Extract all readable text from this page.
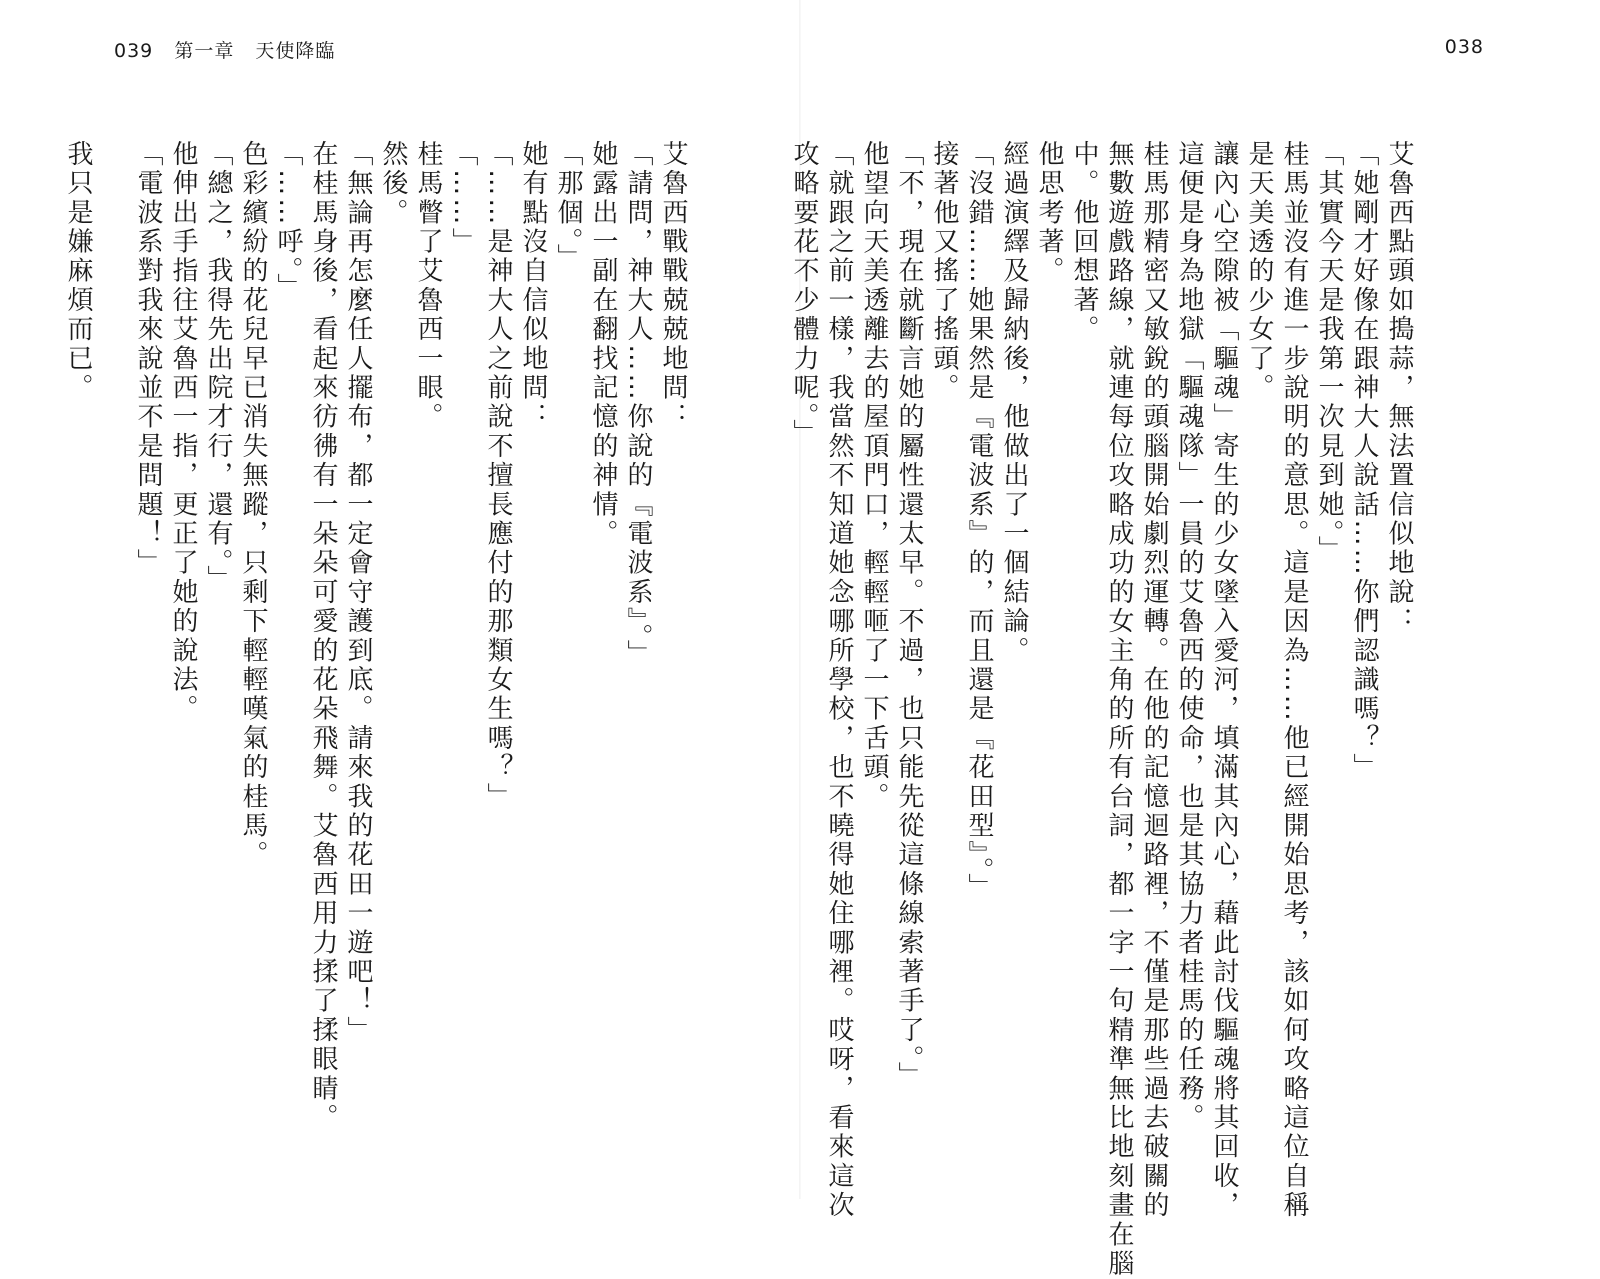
039 第一章 天使降臨	038
艾魯西點頭如搗蒜，無法置信似地說：
「她剛才好像在跟神大人說話……你們認識嗎？」
「其實今天是我第一次見到她。」
桂馬並沒有進一步說明的意思。這是因為……他已經開始思考，該如何攻略這位自稱
是天美透的少女了。
讓內心空隙被「驅魂」寄生的少女墜入愛河，填滿其內心，藉此討伐驅魂將其回收，
這便是身為地獄「驅魂隊」一員的艾魯西的使命，也是其協力者桂馬的任務。
桂馬那精密又敏銳的頭腦開始劇烈運轉。在他的記憶迴路裡，不僅是那些過去破關的
無數遊戲路線，就連每位攻略成功的女主角的所有台詞，都一字一句精準無比地刻畫在腦
中。他回想著。
他思考著。
經過演繹及歸納後，他做出了一個結論。
「沒錯……她果然是『電波系』的，而且還是『花田型』。」
接著他又搖了搖頭。
「不，現在就斷言她的屬性還太早。不過，也只能先從這條線索著手了。」
他望向天美透離去的屋頂門口，輕輕咂了一下舌頭。
「就跟之前一樣，我當然不知道她念哪所學校，也不曉得她住哪裡。哎呀，看來這次
攻略要花不少體力呢。」
艾魯西戰戰兢兢地問：
「請問，神大人……你說的『電波系』。」
她露出一副在翻找記憶的神情。
「那個。」
她有點沒自信似地問：
「……是神大人之前說不擅長應付的那類女生嗎？」
「……」
桂馬瞥了艾魯西一眼。
然後。
「無論再怎麼任人擺布，都一定會守護到底。請來我的花田一遊吧！」
在桂馬身後，看起來彷彿有一朵朵可愛的花朵飛舞。艾魯西用力揉了揉眼睛。
「……呼。」
色彩繽紛的花兒早已消失無蹤，只剩下輕輕嘆氣的桂馬。
「總之，我得先出院才行，還有。」
他伸出手指往艾魯西一指，更正了她的說法。
「電波系對我來說並不是問題！」
我只是嫌麻煩而已。
